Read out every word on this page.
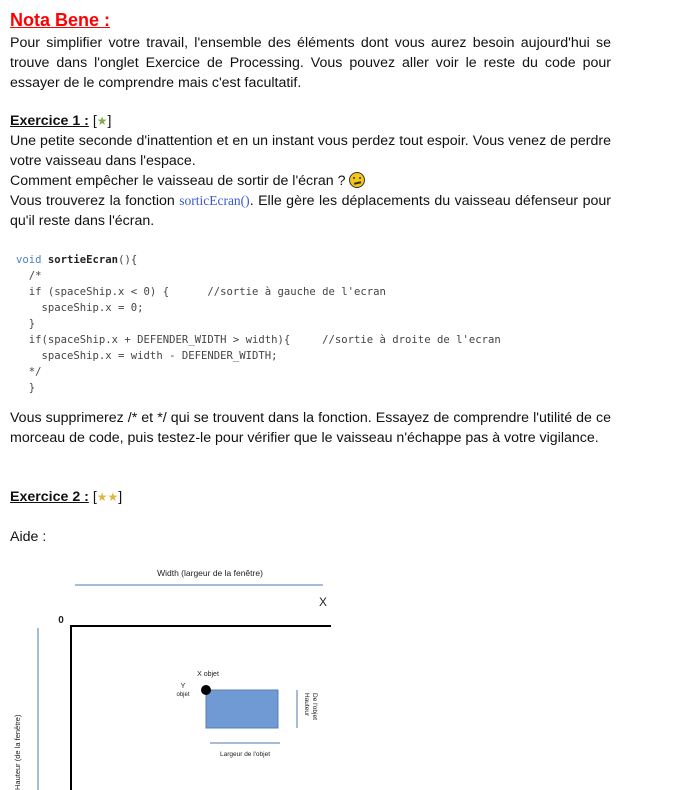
Nota Bene :

Pour simplifier votre travail, l'ensemble des éléments dont vous aurez besoin aujourd'hui se trouve dans l'onglet Exercice de Processing. Vous pouvez aller voir le reste du code pour essayer de le comprendre mais c'est facultatif.

Exercice 1 : [★]

Une petite seconde d'inattention et en un instant vous perdez tout espoir. Vous venez de perdre votre vaisseau dans l'espace.

Comment empêcher le vaisseau de sortir de l'écran ?

Vous trouverez la fonction sorticEcran(). Elle gère les déplacements du vaisseau défenseur pour qu'il reste dans l'écran.

void sortieEcran(){
/*
if (spaceShip.x < 0) {      //sortie à gauche de l'ecran
spaceShip.x = 0;
}
if(spaceShip.x + DEFENDER_WIDTH > width){     //sortie à droite de l'ecran
spaceShip.x = width - DEFENDER_WIDTH;
*/
}

Vous supprimerez /* et */ qui se trouvent dans la fonction. Essayez de comprendre l'utilité de ce morceau de code, puis testez-le pour vérifier que le vaisseau n'échappe pas à votre vigilance.

Exercice 2 : [★★]

Aide :

Width (largeur de la fenêtre)
X
0
Hauteur (de la fenêtre)
X objet
Y
objet	Hauteur De l'objet
Largeur de l'objet
